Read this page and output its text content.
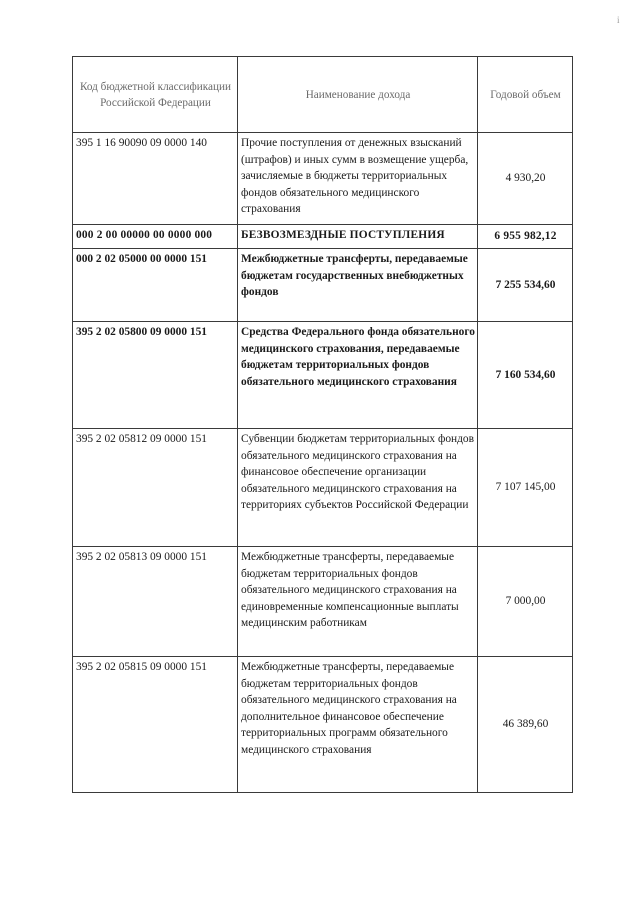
i
Код бюджетной классификации Российской Федерации	Наименование дохода	Годовой объем
395 1 16 90090 09 0000 140	Прочие поступления от денежных взысканий (штрафов) и иных сумм в возмещение ущерба, зачисляемые в бюджеты территориальных фондов обязательного медицинского страхования	4 930,20
000 2 00 00000 00 0000 000	БЕЗВОЗМЕЗДНЫЕ ПОСТУПЛЕНИЯ	6 955 982,12
000 2 02 05000 00 0000 151	Межбюджетные трансферты, передаваемые бюджетам государственных внебюджетных фондов	7 255 534,60
395 2 02 05800 09 0000 151	Средства Федерального фонда обязательного медицинского страхования, передаваемые бюджетам территориальных фондов обязательного медицинского страхования	7 160 534,60
395 2 02 05812 09 0000 151	Субвенции бюджетам территориальных фондов обязательного медицинского страхования на финансовое обеспечение организации обязательного медицинского страхования на территориях субъектов Российской Федерации	7 107 145,00
395 2 02 05813 09 0000 151	Межбюджетные трансферты, передаваемые бюджетам территориальных фондов обязательного медицинского страхования на единовременные компенсационные выплаты медицинским работникам	7 000,00
395 2 02 05815 09 0000 151	Межбюджетные трансферты, передаваемые бюджетам территориальных фондов обязательного медицинского страхования на дополнительное финансовое обеспечение территориальных программ обязательного медицинского страхования	46 389,60
